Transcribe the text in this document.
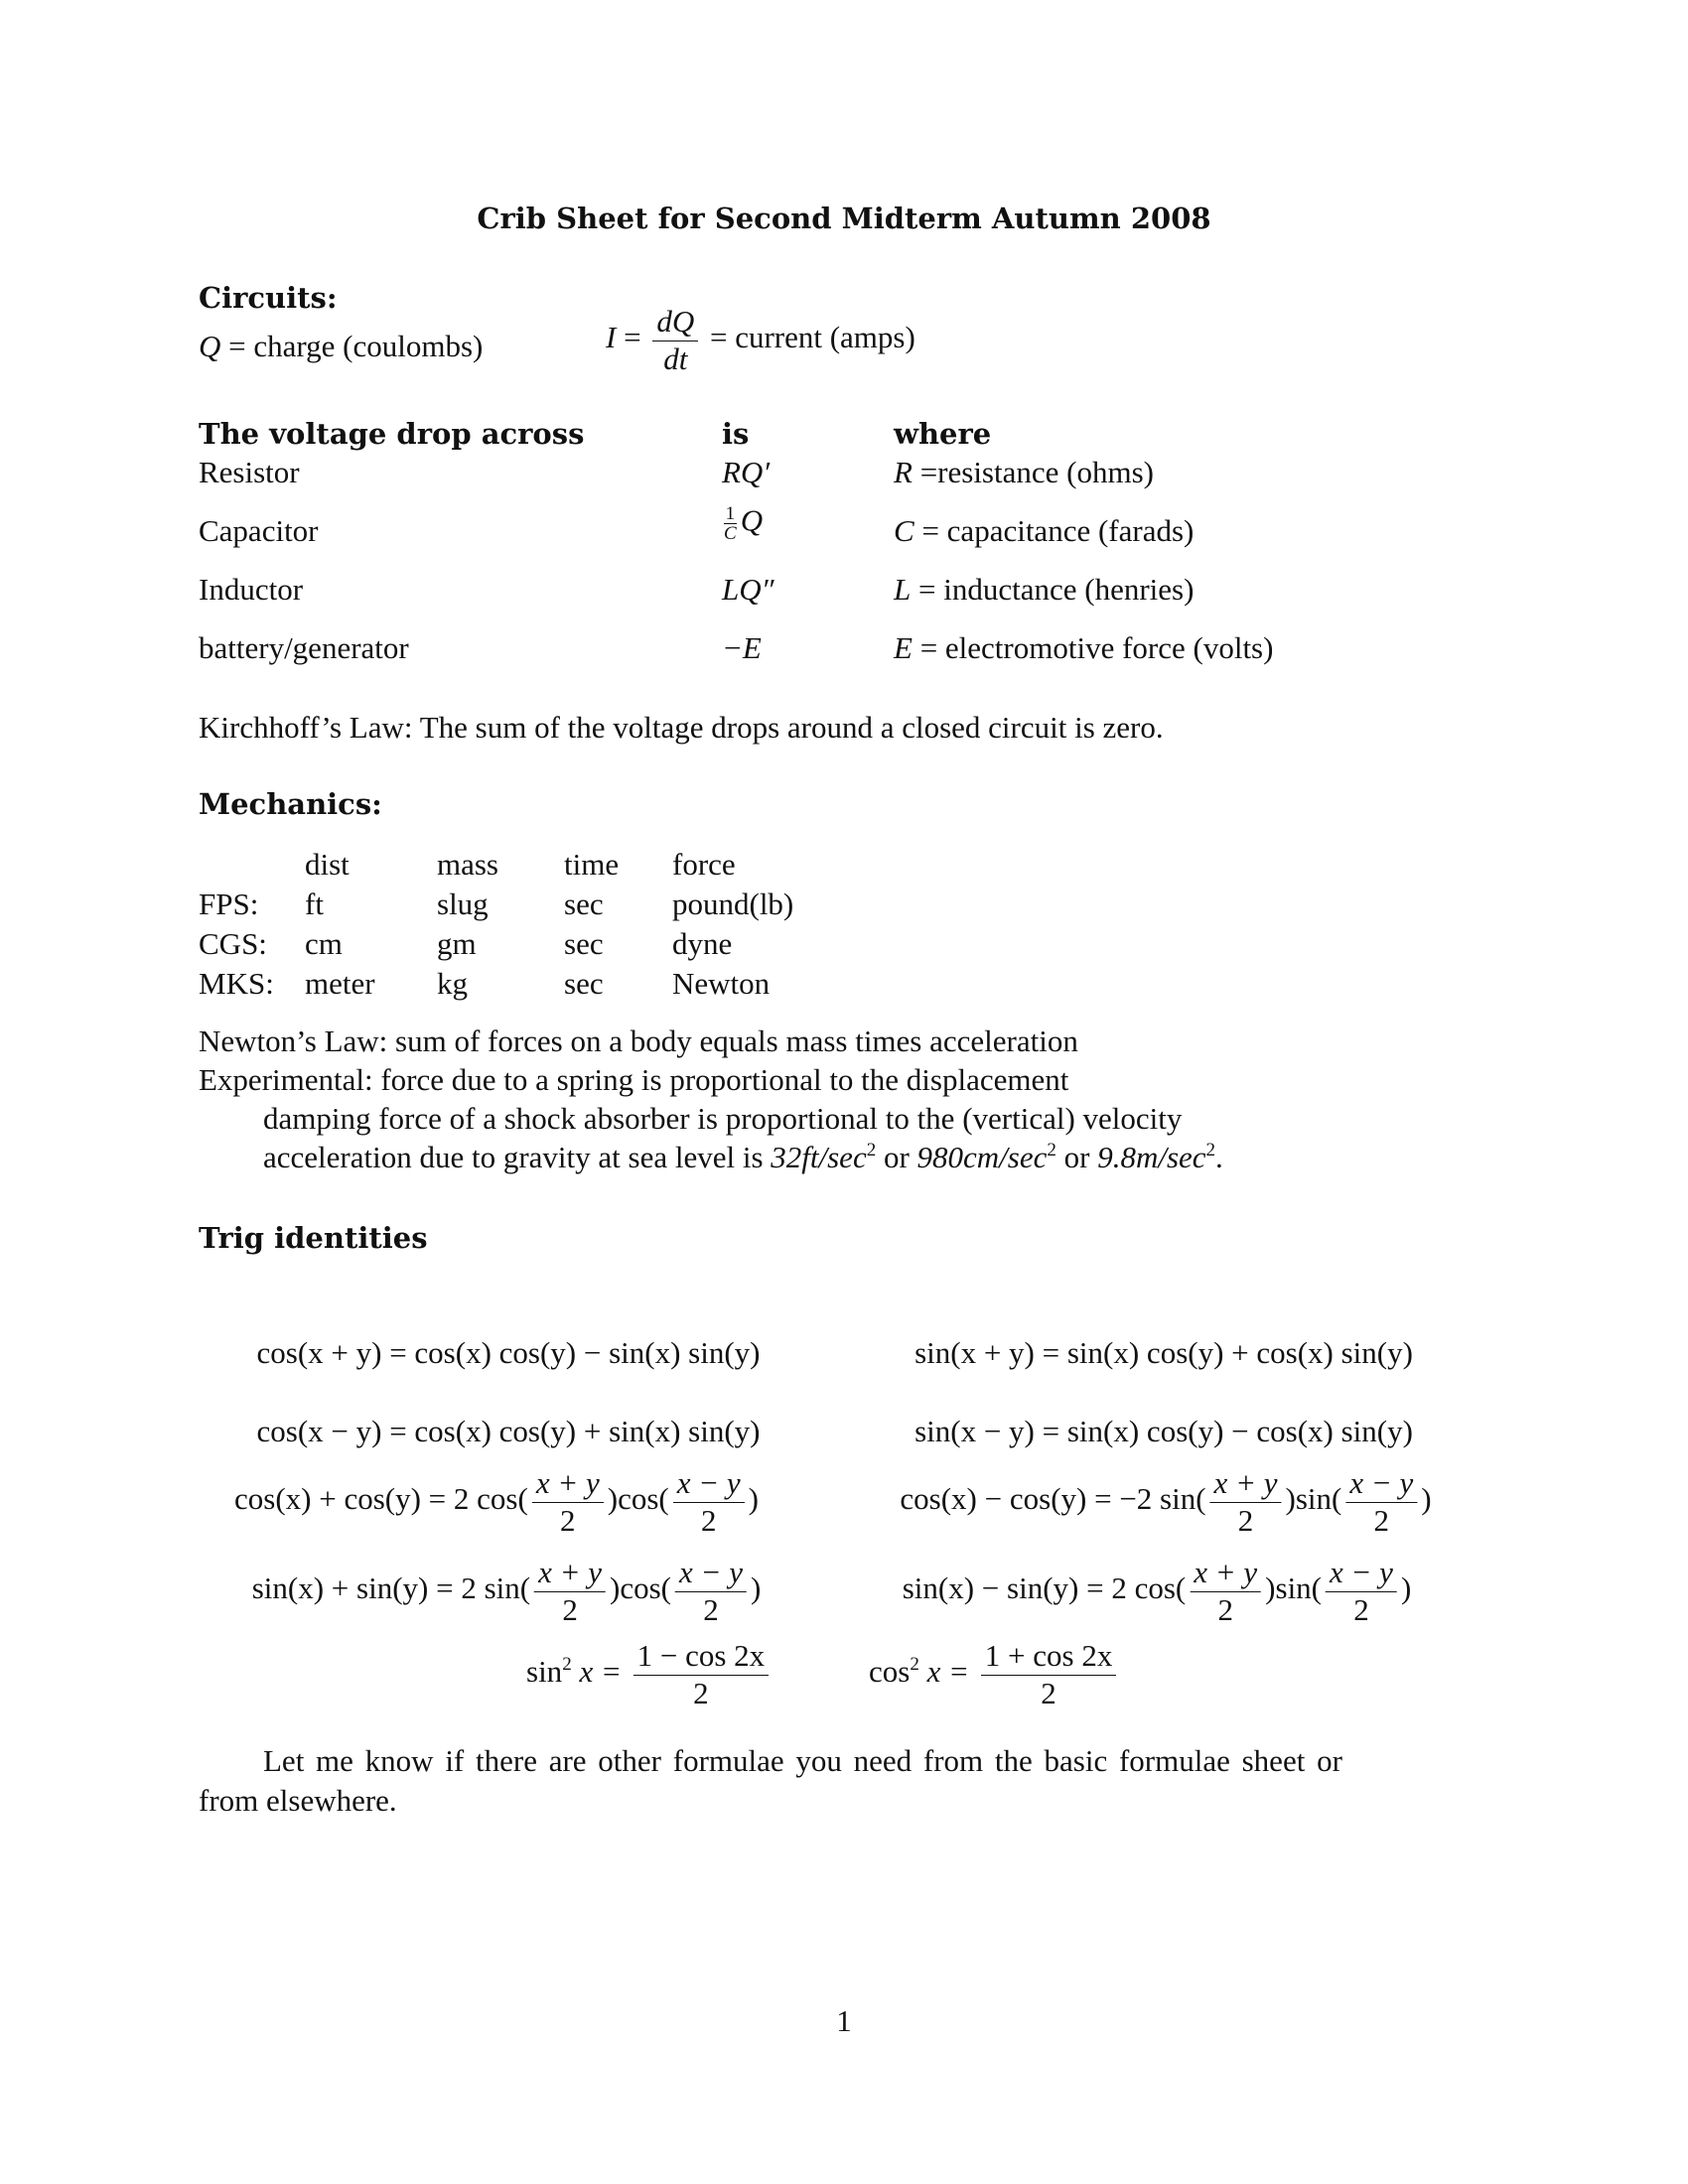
Crib Sheet for Second Midterm Autumn 2008
Circuits:
Q = charge (coulombs)	$I = \frac{dQ}{dt}$ = current (amps)
The voltage drop across	is	where
Resistor	RQ′	R =resistance (ohms)
Capacitor	$\frac{1}{C}$ Q	C = capacitance (farads)
Inductor	LQ″	L = inductance (henries)
battery/generator	−E	E = electromotive force (volts)
Kirchhoff’s Law: The sum of the voltage drops around a closed circuit is zero.
Mechanics:
dist	mass time force
FPS: ft	slug sec pound(lb)
CGS: cm	gm	sec dyne
MKS: meter kg	sec Newton
Newton’s Law: sum of forces on a body equals mass times acceleration
Experimental: force due to a spring is proportional to the displacement
damping force of a shock absorber is proportional to the (vertical) velocity
acceleration due to gravity at sea level is $32ft/\sec^2$ or $980cm/\sec^2$ or $9.8m/\sec^2$.
Trig identities
cos(x + y) = cos(x) cos(y) − sin(x) sin(y)	sin(x + y) = sin(x) cos(y) + cos(x) sin(y)
cos(x − y) = cos(x) cos(y) + sin(x) sin(y)	sin(x − y) = sin(x) cos(y) − cos(x) sin(y)
cos(x) + cos(y) = 2 $\cos( \frac{x + y}{2} )\cos( \frac{x - y}{2}$ )	cos(x) − cos(y) = −2 $\sin( \frac{x + y}{2} )\sin( \frac{x - y}{2}$ )
sin(x) + sin(y) = 2 $\sin( \frac{x + y}{2} )\cos( \frac{x - y}{2}$ )	sin(x) − sin(y) = 2 $\cos( \frac{x + y}{2} )\sin( \frac{x - y}{2}$ )
$\sin^2 x = \frac{1 - \cos 2x}{2}$	$\cos^2 x = \frac{1 + \cos 2x}{2}$
Let me know if there are other formulae you need from the basic formulae sheet or
from elsewhere.
1
